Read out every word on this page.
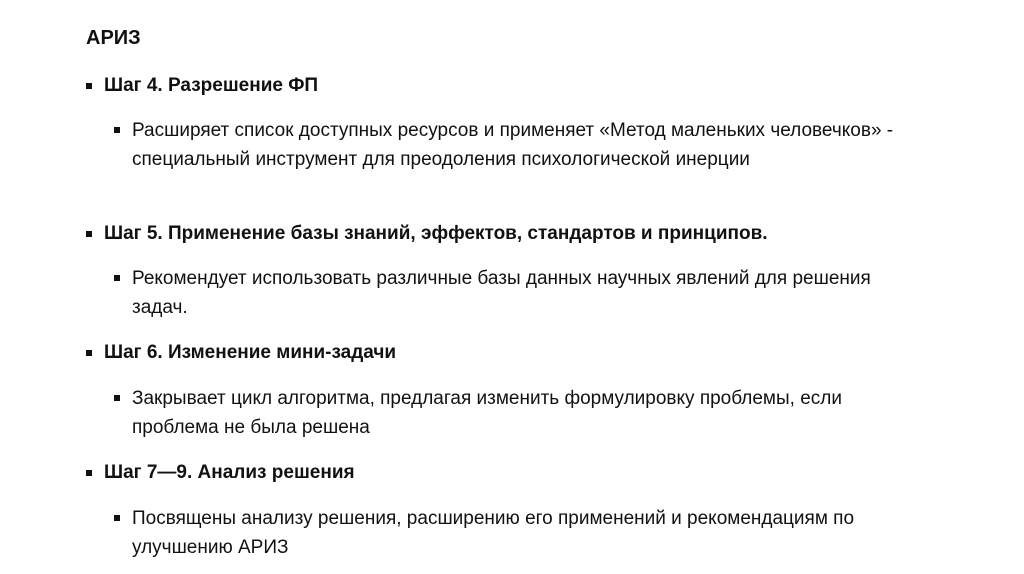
АРИЗ
Шаг 4. Разрешение ФП
Расширяет список доступных ресурсов и применяет «Метод маленьких человечков» - специальный инструмент для преодоления психологической инерции
Шаг 5. Применение базы знаний, эффектов, стандартов и принципов.
Рекомендует использовать различные базы данных научных явлений для решения задач.
Шаг 6. Изменение мини-задачи
Закрывает цикл алгоритма, предлагая изменить формулировку проблемы, если проблема не была решена
Шаг 7—9. Анализ решения
Посвящены анализу решения, расширению его применений и рекомендациям по улучшению АРИЗ
